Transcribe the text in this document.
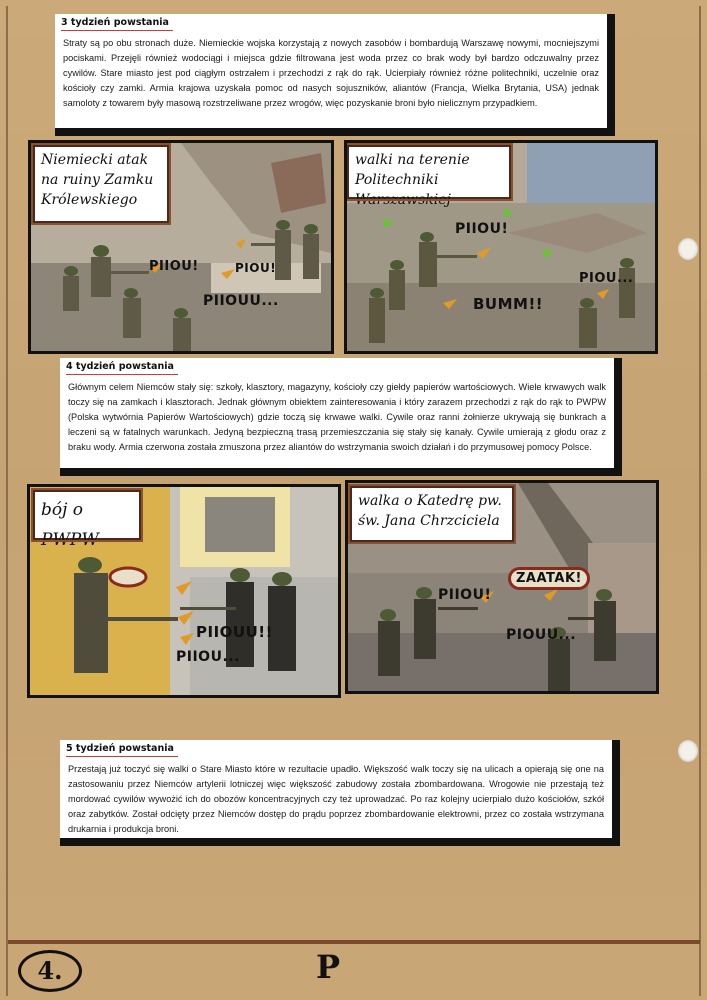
3 tydzień powstania
Straty są po obu stronach duże. Niemieckie wojska korzystają z nowych zasobów i bombardują Warszawę nowymi, mocniejszymi pociskami. Przejęli również wodociągi i miejsca gdzie filtrowana jest woda przez co brak wody był bardzo odczuwalny przez cywilów. Stare miasto jest pod ciągłym ostrzałem i przechodzi z rąk do rąk. Ucierpiały również różne politechniki, uczelnie oraz kościoły czy zamki. Armia krajowa uzyskała pomoc od nasych sojuszników, aliantów (Francja, Wielka Brytania, USA) jednak samoloty z towarem były masową rozstrzeliwane przez wrogów, więc pozyskanie broni było nielicznym przypadkiem.
Niemiecki atak na ruiny Zamku Królewskiego
PIIOU!	PIOU!
PIIOUU...
walki na terenie Politechniki Warszawskiej
PIIOU!
PIOU...
BUMM!!
4 tydzień powstania
Głównym celem Niemców stały się: szkoły, klasztory, magazyny, kościoły czy giełdy papierów wartościowych. Wiele krwawych walk toczy się na zamkach i klasztorach. Jednak głównym obiektem zainteresowania i który zarazem przechodzi z rąk do rąk to PWPW (Polska wytwórnia Papierów Wartościowych) gdzie toczą się krwawe walki. Cywile oraz ranni żołnierze ukrywają się bunkrach a leczeni są w fatalnych warunkach. Jedyną bezpieczną trasą przemieszczania się stały się kanały. Cywile umierają z głodu oraz z braku wody. Armia czerwona została zmuszona przez aliantów do wstrzymania swoich działań i do przymusowej pomocy Polsce.
bój o PWPW
PIIOUU!!
PIIOU...
walka o Katedrę pw. św. Jana Chrzciciela
PIIOU!
ZAATAK!
PIOUU...
5 tydzień powstania
Przestają już toczyć się walki o Stare Miasto które w rezultacie upadło. Większość walk toczy się na ulicach a opierają się one na zastosowaniu przez Niemców artylerii lotniczej więc większość zabudowy została zbombardowana. Wrogowie nie przestają też mordować cywilów wywożić ich do obozów koncentracyjnych czy też uprowadzać. Po raz kolejny ucierpiało dużo kościołów, szkół oraz zabytków. Został odcięty przez Niemców dostęp do prądu poprzez zbombardowanie elektrowni, przez co została wstrzymana drukarnia i produkcja broni.
4.	P
